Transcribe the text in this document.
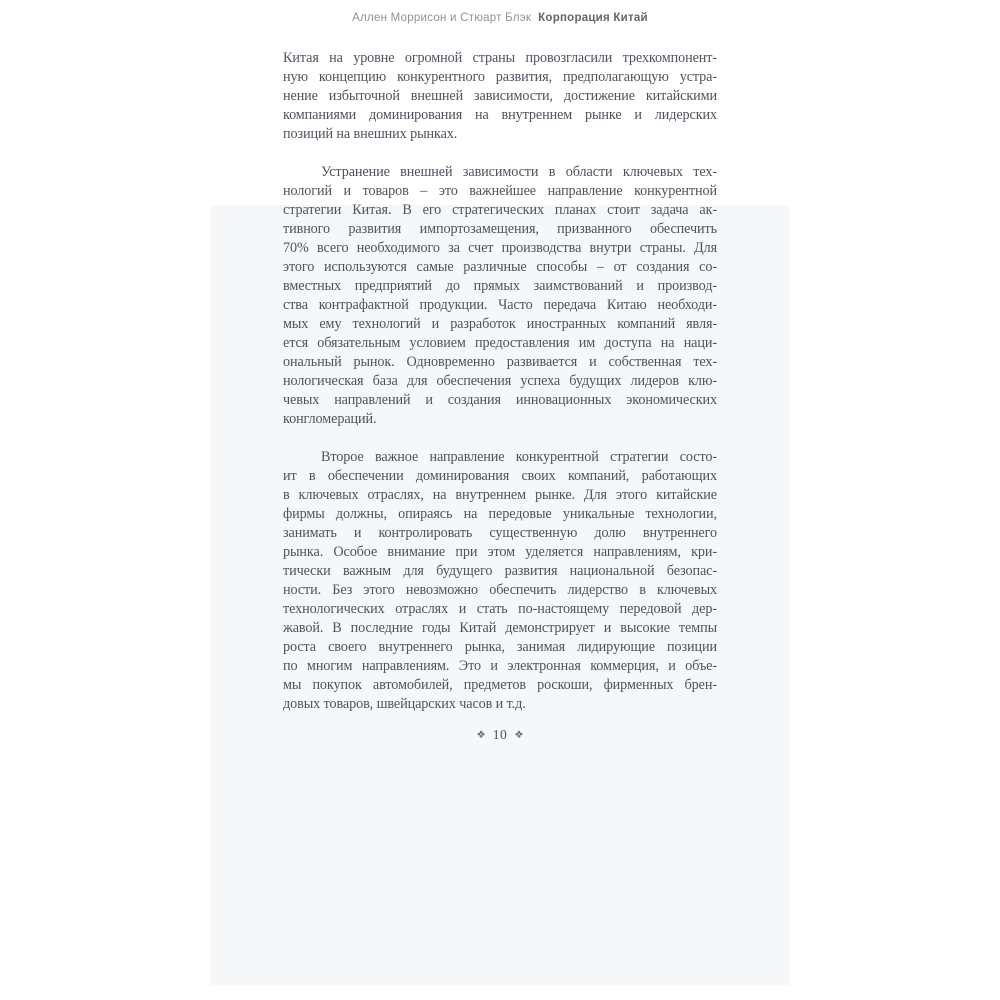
Аллен Моррисон и Стюарт Блэк Корпорация Китай
Китая на уровне огромной страны провозгласили трехкомпонент-
ную концепцию конкурентного развития, предполагающую устра-
нение избыточной внешней зависимости, достижение китайскими
компаниями доминирования на внутреннем рынке и лидерских
позиций на внешних рынках.
Устранение внешней зависимости в области ключевых тех-
нологий и товаров – это важнейшее направление конкурентной
стратегии Китая. В его стратегических планах стоит задача ак-
тивного развития импортозамещения, призванного обеспечить
70% всего необходимого за счет производства внутри страны. Для
этого используются самые различные способы – от создания со-
вместных предприятий до прямых заимствований и производ-
ства контрафактной продукции. Часто передача Китаю необходи-
мых ему технологий и разработок иностранных компаний явля-
ется обязательным условием предоставления им доступа на наци-
ональный рынок. Одновременно развивается и собственная тех-
нологическая база для обеспечения успеха будущих лидеров клю-
чевых направлений и создания инновационных экономических
конгломераций.
Второе важное направление конкурентной стратегии состо-
ит в обеспечении доминирования своих компаний, работающих
в ключевых отраслях, на внутреннем рынке. Для этого китайские
фирмы должны, опираясь на передовые уникальные технологии,
занимать и контролировать существенную долю внутреннего
рынка. Особое внимание при этом уделяется направлениям, кри-
тически важным для будущего развития национальной безопас-
ности. Без этого невозможно обеспечить лидерство в ключевых
технологических отраслях и стать по-настоящему передовой дер-
жавой. В последние годы Китай демонстрирует и высокие темпы
роста своего внутреннего рынка, занимая лидирующие позиции
по многим направлениям. Это и электронная коммерция, и объе-
мы покупок автомобилей, предметов роскоши, фирменных брен-
довых товаров, швейцарских часов и т.д.
❖ 10 ❖
